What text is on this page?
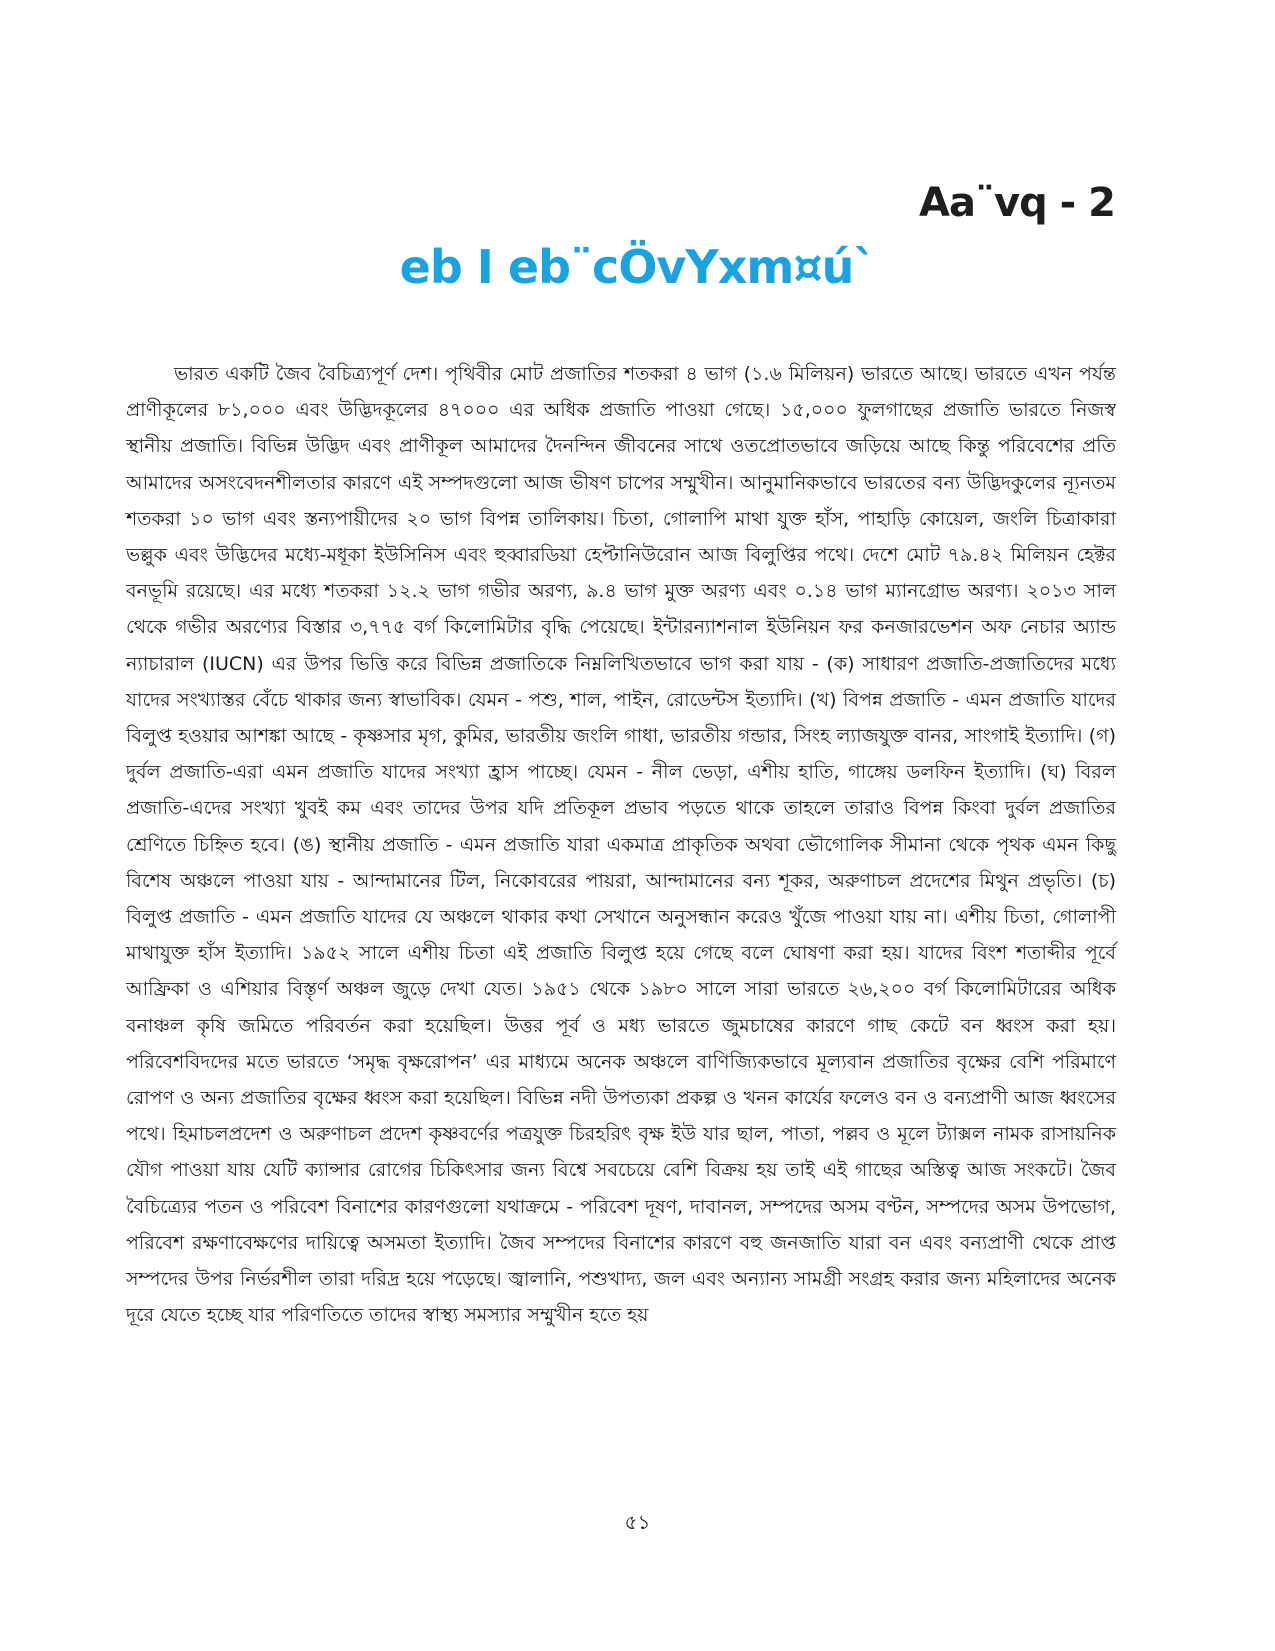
Aa¨vq - 2
eb I eb¨cÖvYxm¤ú`

ভারত একটি জৈব বৈচিত্র্যপূর্ণ দেশ। পৃথিবীর মোট প্রজাতির শতকরা ৪ ভাগ (১.৬ মিলিয়ন) ভারতে আছে। ভারতে এখন পর্যন্ত প্রাণীকূলের ৮১,০০০ এবং উদ্ভিদকূলের ৪৭০০০ এর অধিক প্রজাতি পাওয়া গেছে। ১৫,০০০ ফুলগাছের প্রজাতি ভারতে নিজস্ব স্থানীয় প্রজাতি। বিভিন্ন উদ্ভিদ এবং প্রাণীকূল আমাদের দৈনন্দিন জীবনের সাথে ওতপ্রোতভাবে জড়িয়ে আছে কিন্তু পরিবেশের প্রতি আমাদের অসংবেদনশীলতার কারণে এই সম্পদগুলো আজ ভীষণ চাপের সম্মুখীন। আনুমানিকভাবে ভারতের বন্য উদ্ভিদকুলের ন্যূনতম শতকরা ১০ ভাগ এবং স্তন্যপায়ীদের ২০ ভাগ বিপন্ন তালিকায়। চিতা, গোলাপি মাথা যুক্ত হাঁস, পাহাড়ি কোয়েল, জংলি চিত্রাকারা ভল্লুক এবং উদ্ভিদের মধ্যে-মধূকা ইউসিনিস এবং হুব্বারডিয়া হেপ্টানিউরোন আজ বিলুপ্তির পথে। দেশে মোট ৭৯.৪২ মিলিয়ন হেক্টর বনভূমি রয়েছে। এর মধ্যে শতকরা ১২.২ ভাগ গভীর অরণ্য, ৯.৪ ভাগ মুক্ত অরণ্য এবং ০.১৪ ভাগ ম্যানগ্রোভ অরণ্য। ২০১৩ সাল থেকে গভীর অরণ্যের বিস্তার ৩,৭৭৫ বর্গ কিলোমিটার বৃদ্ধি পেয়েছে। ইন্টারন্যাশনাল ইউনিয়ন ফর কনজারভেশন অফ নেচার অ্যান্ড ন্যাচারাল (IUCN) এর উপর ভিত্তি করে বিভিন্ন প্রজাতিকে নিম্নলিখিতভাবে ভাগ করা যায় - (ক) সাধারণ প্রজাতি-প্রজাতিদের মধ্যে যাদের সংখ্যাস্তর বেঁচে থাকার জন্য স্বাভাবিক। যেমন - পশু, শাল, পাইন, রোডেন্টস ইত্যাদি। (খ) বিপন্ন প্রজাতি - এমন প্রজাতি যাদের বিলুপ্ত হওয়ার আশঙ্কা আছে - কৃষ্ণসার মৃগ, কুমির, ভারতীয় জংলি গাধা, ভারতীয় গন্ডার, সিংহ ল্যাজযুক্ত বানর, সাংগাই ইত্যাদি। (গ) দুর্বল প্রজাতি-এরা এমন প্রজাতি যাদের সংখ্যা হ্রাস পাচ্ছে। যেমন - নীল ভেড়া, এশীয় হাতি, গাঙ্গেয় ডলফিন ইত্যাদি। (ঘ) বিরল প্রজাতি-এদের সংখ্যা খুবই কম এবং তাদের উপর যদি প্রতিকূল প্রভাব পড়তে থাকে তাহলে তারাও বিপন্ন কিংবা দুর্বল প্রজাতির শ্রেণিতে চিহ্নিত হবে। (ঙ) স্থানীয় প্রজাতি - এমন প্রজাতি যারা একমাত্র প্রাকৃতিক অথবা ভৌগোলিক সীমানা থেকে পৃথক এমন কিছু বিশেষ অঞ্চলে পাওয়া যায় - আন্দামানের টিল, নিকোবরের পায়রা, আন্দামানের বন্য শূকর, অরুণাচল প্রদেশের মিথুন প্রভৃতি। (চ) বিলুপ্ত প্রজাতি - এমন প্রজাতি যাদের যে অঞ্চলে থাকার কথা সেখানে অনুসন্ধান করেও খুঁজে পাওয়া যায় না। এশীয় চিতা, গোলাপী মাথাযুক্ত হাঁস ইত্যাদি। ১৯৫২ সালে এশীয় চিতা এই প্রজাতি বিলুপ্ত হয়ে গেছে বলে ঘোষণা করা হয়। যাদের বিংশ শতাব্দীর পূর্বে আফ্রিকা ও এশিয়ার বিস্তৃর্ণ অঞ্চল জুড়ে দেখা যেত। ১৯৫১ থেকে ১৯৮০ সালে সারা ভারতে ২৬,২০০ বর্গ কিলোমিটারের অধিক বনাঞ্চল কৃষি জমিতে পরিবর্তন করা হয়েছিল। উত্তর পূর্ব ও মধ্য ভারতে জুমচাষের কারণে গাছ কেটে বন ধ্বংস করা হয়। পরিবেশবিদদের মতে ভারতে ‘সমৃদ্ধ বৃক্ষরোপন’ এর মাধ্যমে অনেক অঞ্চলে বাণিজ্যিকভাবে মূল্যবান প্রজাতির বৃক্ষের বেশি পরিমাণে রোপণ ও অন্য প্রজাতির বৃক্ষের ধ্বংস করা হয়েছিল। বিভিন্ন নদী উপত্যকা প্রকল্প ও খনন কার্যের ফলেও বন ও বন্যপ্রাণী আজ ধ্বংসের পথে। হিমাচলপ্রদেশ ও অরুণাচল প্রদেশ কৃষ্ণবর্ণের পত্রযুক্ত চিরহরিৎ বৃক্ষ ইউ যার ছাল, পাতা, পল্লব ও মূলে ট্যাক্সল নামক রাসায়নিক যৌগ পাওয়া যায় যেটি ক্যান্সার রোগের চিকিৎসার জন্য বিশ্বে সবচেয়ে বেশি বিক্রয় হয় তাই এই গাছের অস্তিত্ব আজ সংকটে। জৈব বৈচিত্র্যের পতন ও পরিবেশ বিনাশের কারণগুলো যথাক্রমে - পরিবেশ দূষণ, দাবানল, সম্পদের অসম বণ্টন, সম্পদের অসম উপভোগ, পরিবেশ রক্ষণাবেক্ষণের দায়িত্বে অসমতা ইত্যাদি। জৈব সম্পদের বিনাশের কারণে বহু জনজাতি যারা বন এবং বন্যপ্রাণী থেকে প্রাপ্ত সম্পদের উপর নির্ভরশীল তারা দরিদ্র হয়ে পড়েছে। জ্বালানি, পশুখাদ্য, জল এবং অন্যান্য সামগ্রী সংগ্রহ করার জন্য মহিলাদের অনেক দূরে যেতে হচ্ছে যার পরিণতিতে তাদের স্বাস্থ্য সমস্যার সম্মুখীন হতে হয়

৫১
